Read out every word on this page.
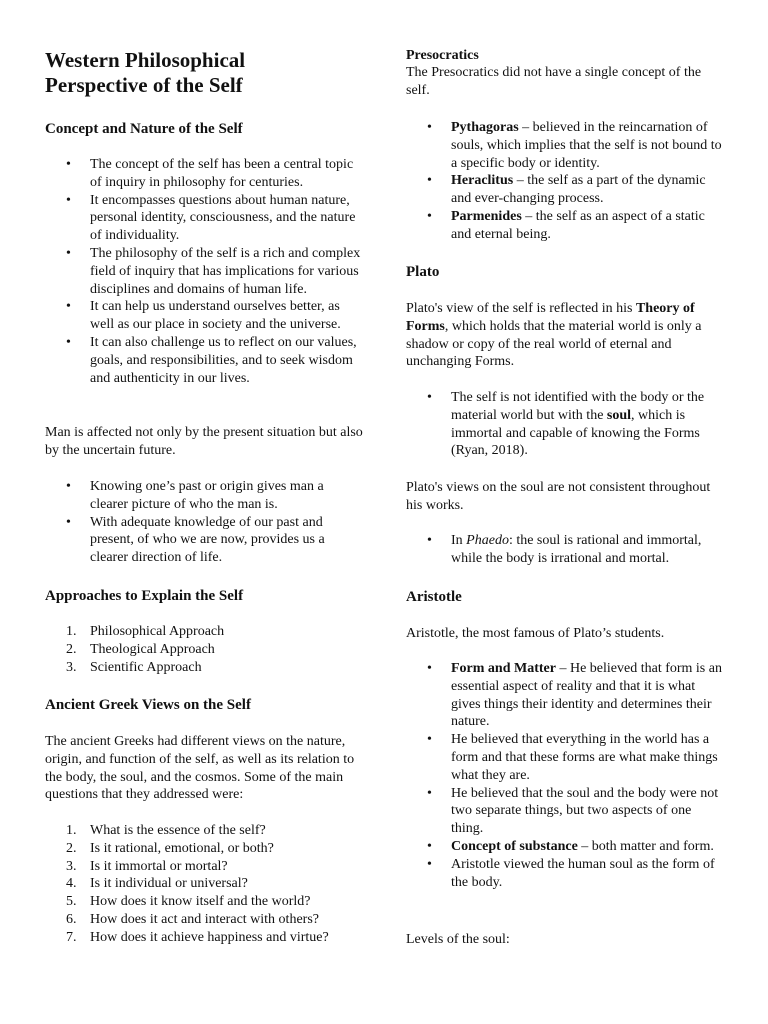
Western Philosophical
Perspective of the Self
Concept and Nature of the Self
• The concept of the self has been a central topic of inquiry in philosophy for centuries.
• It encompasses questions about human nature, personal identity, consciousness, and the nature of individuality.
• The philosophy of the self is a rich and complex field of inquiry that has implications for various disciplines and domains of human life.
• It can help us understand ourselves better, as well as our place in society and the universe.
• It can also challenge us to reflect on our values, goals, and responsibilities, and to seek wisdom and authenticity in our lives.

Man is affected not only by the present situation but also by the uncertain future.

• Knowing one’s past or origin gives man a clearer picture of who the man is.
• With adequate knowledge of our past and present, of who we are now, provides us a clearer direction of life.
Approaches to Explain the Self
1. Philosophical Approach
2. Theological Approach
3. Scientific Approach
Ancient Greek Views on the Self

The ancient Greeks had different views on the nature, origin, and function of the self, as well as its relation to the body, the soul, and the cosmos. Some of the main questions that they addressed were:

1. What is the essence of the self?
2. Is it rational, emotional, or both?
3. Is it immortal or mortal?
4. Is it individual or universal?
5. How does it know itself and the world?
6. How does it act and interact with others?
7. How does it achieve happiness and virtue?
Presocratics

The Presocratics did not have a single concept of the self.

• Pythagoras – believed in the reincarnation of souls, which implies that the self is not bound to a specific body or identity.
• Heraclitus – the self as a part of the dynamic and ever-changing process.
• Parmenides – the self as an aspect of a static and eternal being.
Plato

Plato's view of the self is reflected in his Theory of Forms, which holds that the material world is only a shadow or copy of the real world of eternal and unchanging Forms.

• The self is not identified with the body or the material world but with the soul, which is immortal and capable of knowing the Forms (Ryan, 2018).

Plato's views on the soul are not consistent throughout his works.

• In Phaedo: the soul is rational and immortal, while the body is irrational and mortal.
Aristotle

Aristotle, the most famous of Plato’s students.

• Form and Matter – He believed that form is an essential aspect of reality and that it is what gives things their identity and determines their nature.
• He believed that everything in the world has a form and that these forms are what make things what they are.
• He believed that the soul and the body were not two separate things, but two aspects of one thing.
• Concept of substance – both matter and form.
• Aristotle viewed the human soul as the form of the body.

Levels of the soul:
